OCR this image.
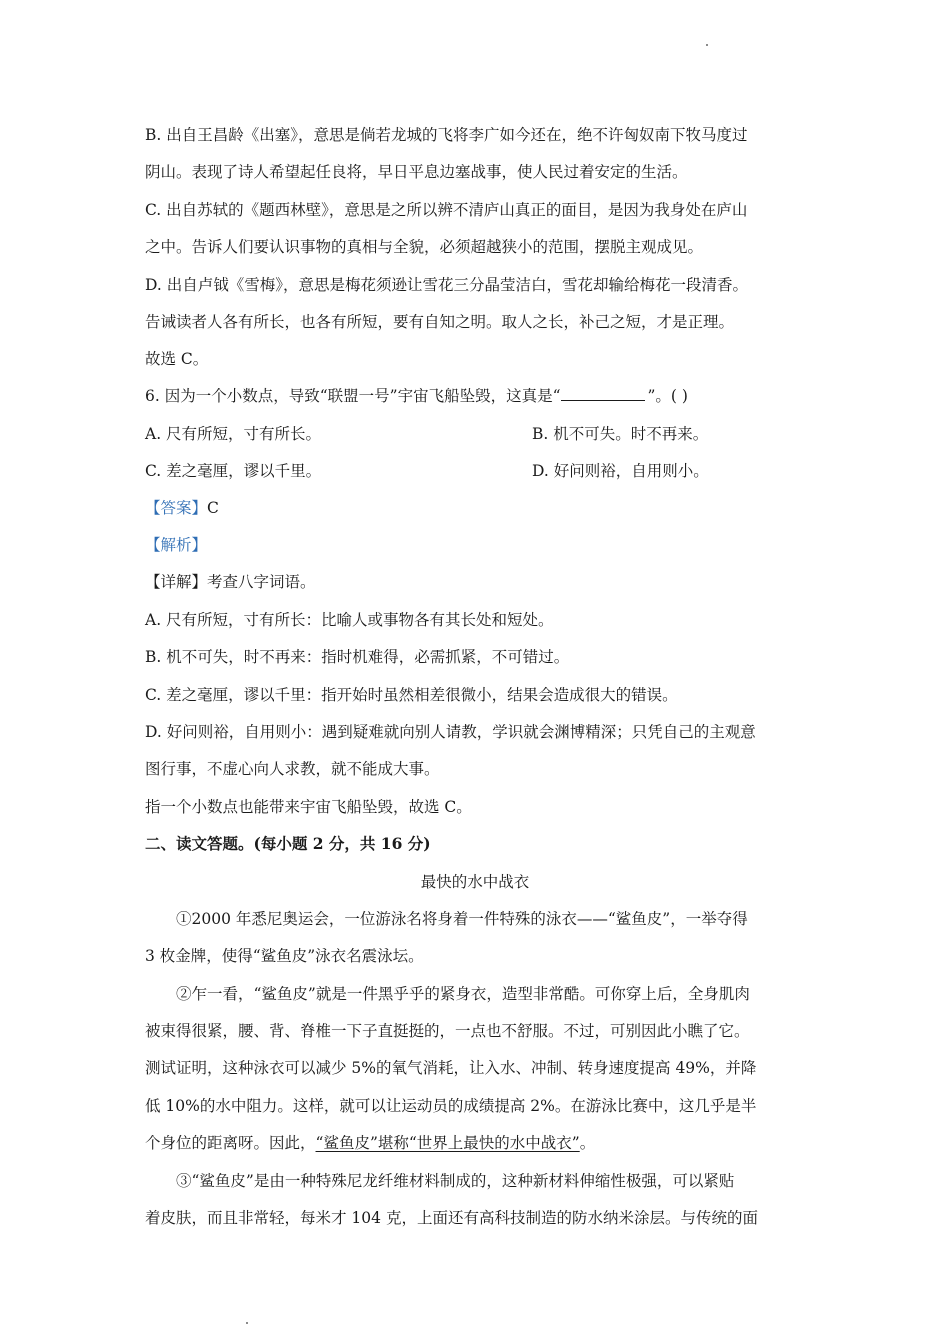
B. 出自王昌龄《出塞》，意思是倘若龙城的飞将李广如今还在，绝不许匈奴南下牧马度过
阴山。表现了诗人希望起任良将，早日平息边塞战事，使人民过着安定的生活。
C. 出自苏轼的《题西林壁》，意思是之所以辨不清庐山真正的面目，是因为我身处在庐山
之中。告诉人们要认识事物的真相与全貌，必须超越狭小的范围，摆脱主观成见。
D. 出自卢钺《雪梅》，意思是梅花须逊让雪花三分晶莹洁白，雪花却输给梅花一段清香。
告诫读者人各有所长，也各有所短，要有自知之明。取人之长，补己之短，才是正理。
故选 C。
6. 因为一个小数点，导致“联盟一号”宇宙飞船坠毁，这真是“	”。( )
A. 尺有所短，寸有所长。	B. 机不可失。时不再来。
C. 差之毫厘，谬以千里。	D. 好问则裕，自用则小。
【答案】C
【解析】
【详解】考查八字词语。
A. 尺有所短，寸有所长：比喻人或事物各有其长处和短处。
B. 机不可失，时不再来：指时机难得，必需抓紧，不可错过。
C. 差之毫厘，谬以千里：指开始时虽然相差很微小，结果会造成很大的错误。
D. 好问则裕，自用则小：遇到疑难就向别人请教，学识就会渊博精深；只凭自己的主观意
图行事，不虚心向人求教，就不能成大事。
指一个小数点也能带来宇宙飞船坠毁，故选 C。
二、读文答题。(每小题 2 分，共 16 分)
最快的水中战衣
①2000 年悉尼奥运会，一位游泳名将身着一件特殊的泳衣——“鲨鱼皮”，一举夺得
3 枚金牌，使得“鲨鱼皮”泳衣名震泳坛。
②乍一看，“鲨鱼皮”就是一件黑乎乎的紧身衣，造型非常酷。可你穿上后，全身肌肉
被束得很紧，腰、背、脊椎一下子直挺挺的，一点也不舒服。不过，可别因此小瞧了它。
测试证明，这种泳衣可以减少 5%的氧气消耗，让入水、冲制、转身速度提高 49%，并降
低 10%的水中阻力。这样，就可以让运动员的成绩提高 2%。在游泳比赛中，这几乎是半
个身位的距离呀。因此，“鲨鱼皮”堪称“世界上最快的水中战衣”。
③“鲨鱼皮”是由一种特殊尼龙纤维材料制成的，这种新材料伸缩性极强，可以紧贴
着皮肤，而且非常轻，每米才 104 克，上面还有高科技制造的防水纳米涂层。与传统的面
